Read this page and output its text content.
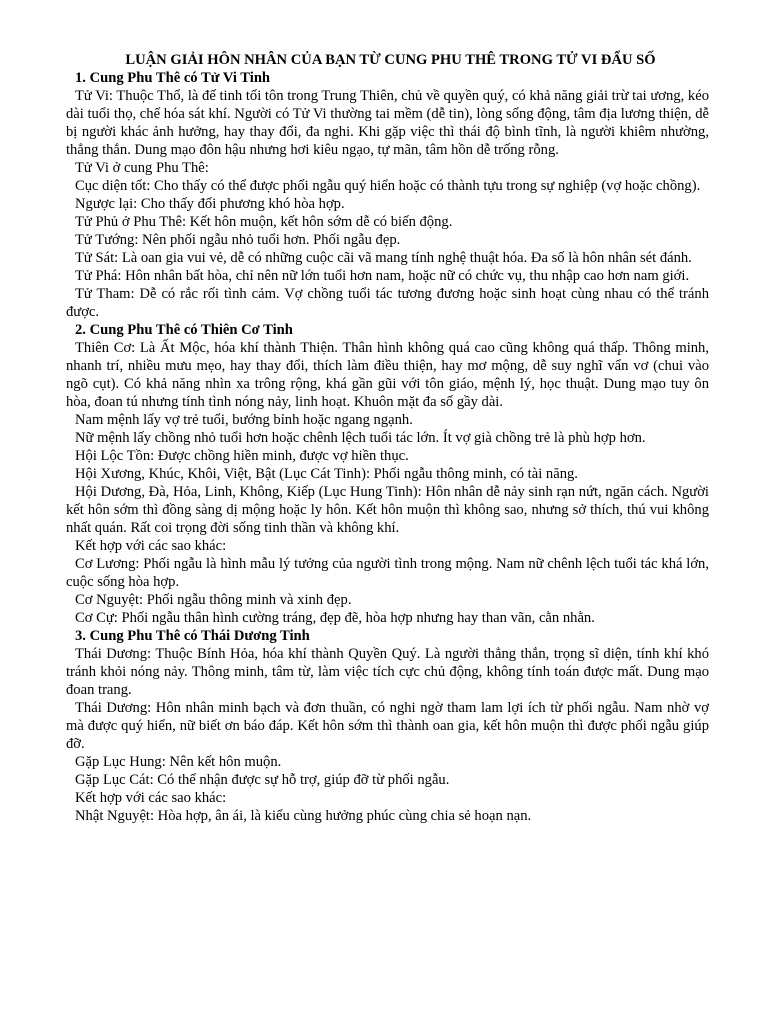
LUẬN GIẢI HÔN NHÂN CỦA BẠN TỪ CUNG PHU THÊ TRONG TỬ VI ĐẨU SỐ

1. Cung Phu Thê có Tử Vi Tinh

Tử Vi: Thuộc Thổ, là đế tinh tối tôn trong Trung Thiên, chủ về quyền quý, có khả năng giải trừ tai ương, kéo dài tuổi thọ, chế hóa sát khí. Người có Tử Vi thường tai mềm (dễ tin), lòng sống động, tâm địa lương thiện, dễ bị người khác ảnh hưởng, hay thay đổi, đa nghi. Khi gặp việc thì thái độ bình tĩnh, là người khiêm nhường, thẳng thắn. Dung mạo đôn hậu nhưng hơi kiêu ngạo, tự mãn, tâm hồn dễ trống rỗng.

Tử Vi ở cung Phu Thê:

Cục diện tốt: Cho thấy có thể được phối ngẫu quý hiển hoặc có thành tựu trong sự nghiệp (vợ hoặc chồng).

Ngược lại: Cho thấy đối phương khó hòa hợp.

Tử Phủ ở Phu Thê: Kết hôn muộn, kết hôn sớm dễ có biến động.

Tử Tướng: Nên phối ngẫu nhỏ tuổi hơn. Phối ngẫu đẹp.

Tử Sát: Là oan gia vui vẻ, dễ có những cuộc cãi vã mang tính nghệ thuật hóa. Đa số là hôn nhân sét đánh.

Tử Phá: Hôn nhân bất hòa, chỉ nên nữ lớn tuổi hơn nam, hoặc nữ có chức vụ, thu nhập cao hơn nam giới.

Tử Tham: Dễ có rắc rối tình cảm. Vợ chồng tuổi tác tương đương hoặc sinh hoạt cùng nhau có thể tránh được.

2. Cung Phu Thê có Thiên Cơ Tinh

Thiên Cơ: Là Ất Mộc, hóa khí thành Thiện. Thân hình không quá cao cũng không quá thấp. Thông minh, nhanh trí, nhiều mưu mẹo, hay thay đổi, thích làm điều thiện, hay mơ mộng, dễ suy nghĩ vẩn vơ (chui vào ngõ cụt). Có khả năng nhìn xa trông rộng, khá gần gũi với tôn giáo, mệnh lý, học thuật. Dung mạo tuy ôn hòa, đoan tú nhưng tính tình nóng nảy, linh hoạt. Khuôn mặt đa số gầy dài.

Nam mệnh lấy vợ trẻ tuổi, bướng bỉnh hoặc ngang ngạnh.

Nữ mệnh lấy chồng nhỏ tuổi hơn hoặc chênh lệch tuổi tác lớn. Ít vợ già chồng trẻ là phù hợp hơn.

Hội Lộc Tồn: Được chồng hiền minh, được vợ hiền thục.

Hội Xương, Khúc, Khôi, Việt, Bật (Lục Cát Tinh): Phối ngẫu thông minh, có tài năng.

Hội Dương, Đà, Hỏa, Linh, Không, Kiếp (Lục Hung Tinh): Hôn nhân dễ nảy sinh rạn nứt, ngăn cách. Người kết hôn sớm thì đồng sàng dị mộng hoặc ly hôn. Kết hôn muộn thì không sao, nhưng sở thích, thú vui không nhất quán. Rất coi trọng đời sống tinh thần và không khí.

Kết hợp với các sao khác:

Cơ Lương: Phối ngẫu là hình mẫu lý tưởng của người tình trong mộng. Nam nữ chênh lệch tuổi tác khá lớn, cuộc sống hòa hợp.

Cơ Nguyệt: Phối ngẫu thông minh và xinh đẹp.

Cơ Cự: Phối ngẫu thân hình cường tráng, đẹp đẽ, hòa hợp nhưng hay than vãn, cằn nhằn.

3. Cung Phu Thê có Thái Dương Tinh

Thái Dương: Thuộc Bính Hỏa, hóa khí thành Quyền Quý. Là người thẳng thắn, trọng sĩ diện, tính khí khó tránh khỏi nóng nảy. Thông minh, tâm từ, làm việc tích cực chủ động, không tính toán được mất. Dung mạo đoan trang.

Thái Dương: Hôn nhân minh bạch và đơn thuần, có nghi ngờ tham lam lợi ích từ phối ngẫu. Nam nhờ vợ mà được quý hiển, nữ biết ơn báo đáp. Kết hôn sớm thì thành oan gia, kết hôn muộn thì được phối ngẫu giúp đỡ.

Gặp Lục Hung: Nên kết hôn muộn.

Gặp Lục Cát: Có thể nhận được sự hỗ trợ, giúp đỡ từ phối ngẫu.

Kết hợp với các sao khác:

Nhật Nguyệt: Hòa hợp, ân ái, là kiểu cùng hưởng phúc cùng chia sẻ hoạn nạn.
